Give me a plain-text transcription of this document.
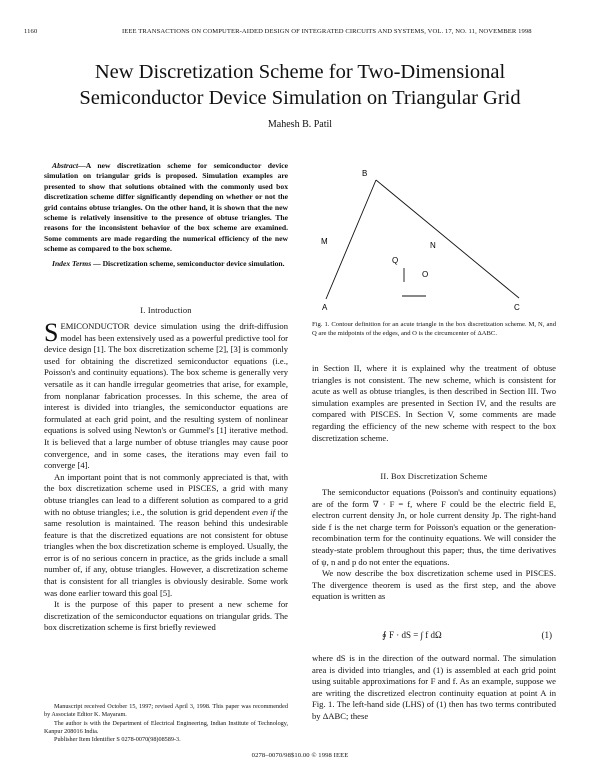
1160	IEEE TRANSACTIONS ON COMPUTER-AIDED DESIGN OF INTEGRATED CIRCUITS AND SYSTEMS, VOL. 17, NO. 11, NOVEMBER 1998
New Discretization Scheme for Two-Dimensional
Semiconductor Device Simulation on Triangular Grid
Mahesh B. Patil

Abstract—A new discretization scheme for semiconductor device simulation on triangular grids is proposed. Simulation examples are presented to show that solutions obtained with the commonly used box discretization scheme differ significantly depending on whether or not the grid contains obtuse triangles. On the other hand, it is shown that the new scheme is relatively insensitive to the presence of obtuse triangles. The reasons for the inconsistent behavior of the box scheme are examined. Some comments are made regarding the numerical efficiency of the new scheme as compared to the box scheme.

Index Terms — Discretization scheme, semiconductor device simulation.

I. Introduction

SEMICONDUCTOR device simulation using the drift-diffusion model has been extensively used as a powerful predictive tool for device design [1]. The box discretization scheme [2], [3] is commonly used for obtaining the discretized semiconductor equations (i.e., Poisson's and continuity equations). The box scheme is generally very versatile as it can handle irregular geometries that arise, for example, from nonplanar fabrication processes. In this scheme, the area of interest is divided into triangles, the semiconductor equations are formulated at each grid point, and the resulting system of nonlinear equations is solved using Newton's or Gummel's [1] iterative method. It is believed that a large number of obtuse triangles may cause poor convergence, and in some cases, the iterations may even fail to converge [4].

An important point that is not commonly appreciated is that, with the box discretization scheme used in PISCES, a grid with many obtuse triangles can lead to a different solution as compared to a grid with no obtuse triangles; i.e., the solution is grid dependent even if the same resolution is maintained. The reason behind this undesirable feature is that the discretized equations are not consistent for obtuse triangles when the box discretization scheme is employed. Usually, the error is of no serious concern in practice, as the grids include a small number of, if any, obtuse triangles. However, a discretization scheme that is consistent for all triangles is obviously desirable. Some work was done earlier toward this goal [5].

It is the purpose of this paper to present a new scheme for discretization of the semiconductor equations on triangular grids. The box discretization scheme is first briefly reviewed

Manuscript received October 15, 1997; revised April 3, 1998. This paper was recommended by Associate Editor K. Mayaram.

The author is with the Department of Electrical Engineering, Indian Institute of Technology, Kanpur 208016 India.

Publisher Item Identifier S 0278-0070(98)08589-3.

B
M	N
Q
O
A	C
Fig. 1. Contour definition for an acute triangle in the box discretization scheme. M, N, and Q are the midpoints of the edges, and O is the circumcenter of ΔABC.
in Section II, where it is explained why the treatment of obtuse triangles is not consistent. The new scheme, which is consistent for acute as well as obtuse triangles, is then described in Section III. Two simulation examples are presented in Section IV, and the results are compared with PISCES. In Section V, some comments are made regarding the efficiency of the new scheme with respect to the box discretization scheme.
II. Box Discretization Scheme

The semiconductor equations (Poisson's and continuity equations) are of the form ∇ · F = f, where F could be the electric field E, electron current density Jn, or hole current density Jp. The right-hand side f is the net charge term for Poisson's equation or the generation-recombination term for the continuity equations. We will consider the steady-state problem throughout this paper; thus, the time derivatives of ψ, n and p do not enter the equations.

We now describe the box discretization scheme used in PISCES. The divergence theorem is used as the first step, and the above equation is written as

∮ F · dS = ∫ f dΩ	(1)
where dS is in the direction of the outward normal. The simulation area is divided into triangles, and (1) is assembled at each grid point using suitable approximations for F and f. As an example, suppose we are writing the discretized electron continuity equation at point A in Fig. 1. The left-hand side (LHS) of (1) then has two terms contributed by ΔABC; these
0278–0070/98$10.00 © 1998 IEEE
